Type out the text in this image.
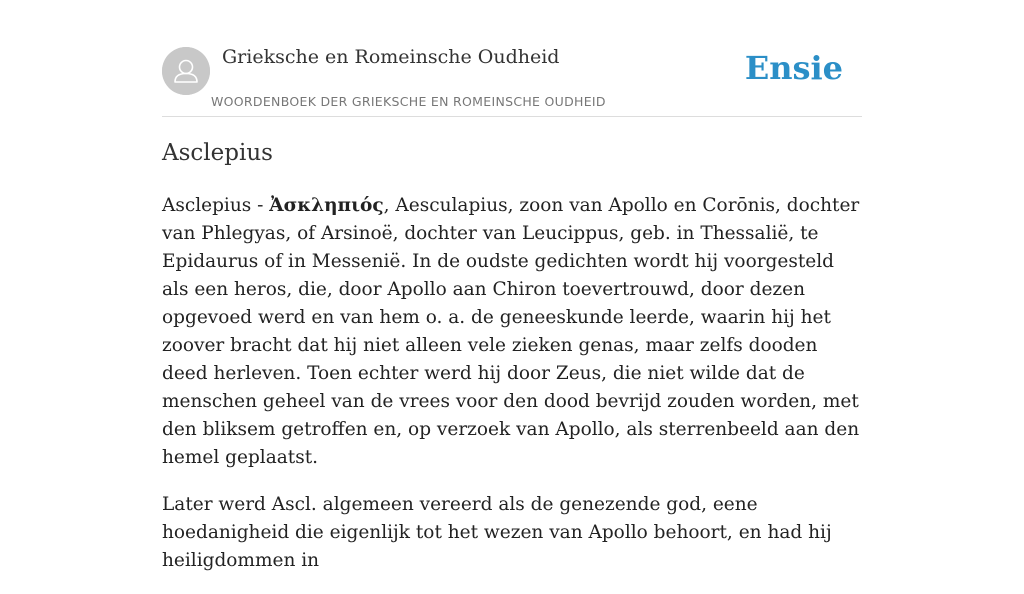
Grieksche en Romeinsche Oudheid
WOORDENBOEK DER GRIEKSCHE EN ROMEINSCHE OUDHEID
Ensie
Asclepius

Asclepius - Ἀσκληπιός, Aesculapius, zoon van Apollo en Corōnis, dochter van Phlegyas, of Arsinoë, dochter van Leucippus, geb. in Thessalië, te Epidaurus of in Messenië. In de oudste gedichten wordt hij voorgesteld als een heros, die, door Apollo aan Chiron toevertrouwd, door dezen opgevoed werd en van hem o. a. de geneeskunde leerde, waarin hij het zoover bracht dat hij niet alleen vele zieken genas, maar zelfs dooden deed herleven. Toen echter werd hij door Zeus, die niet wilde dat de menschen geheel van de vrees voor den dood bevrijd zouden worden, met den bliksem getroffen en, op verzoek van Apollo, als sterrenbeeld aan den hemel geplaatst.

Later werd Ascl. algemeen vereerd als de genezende god, eene hoedanigheid die eigenlijk tot het wezen van Apollo behoort, en had hij heiligdommen in
